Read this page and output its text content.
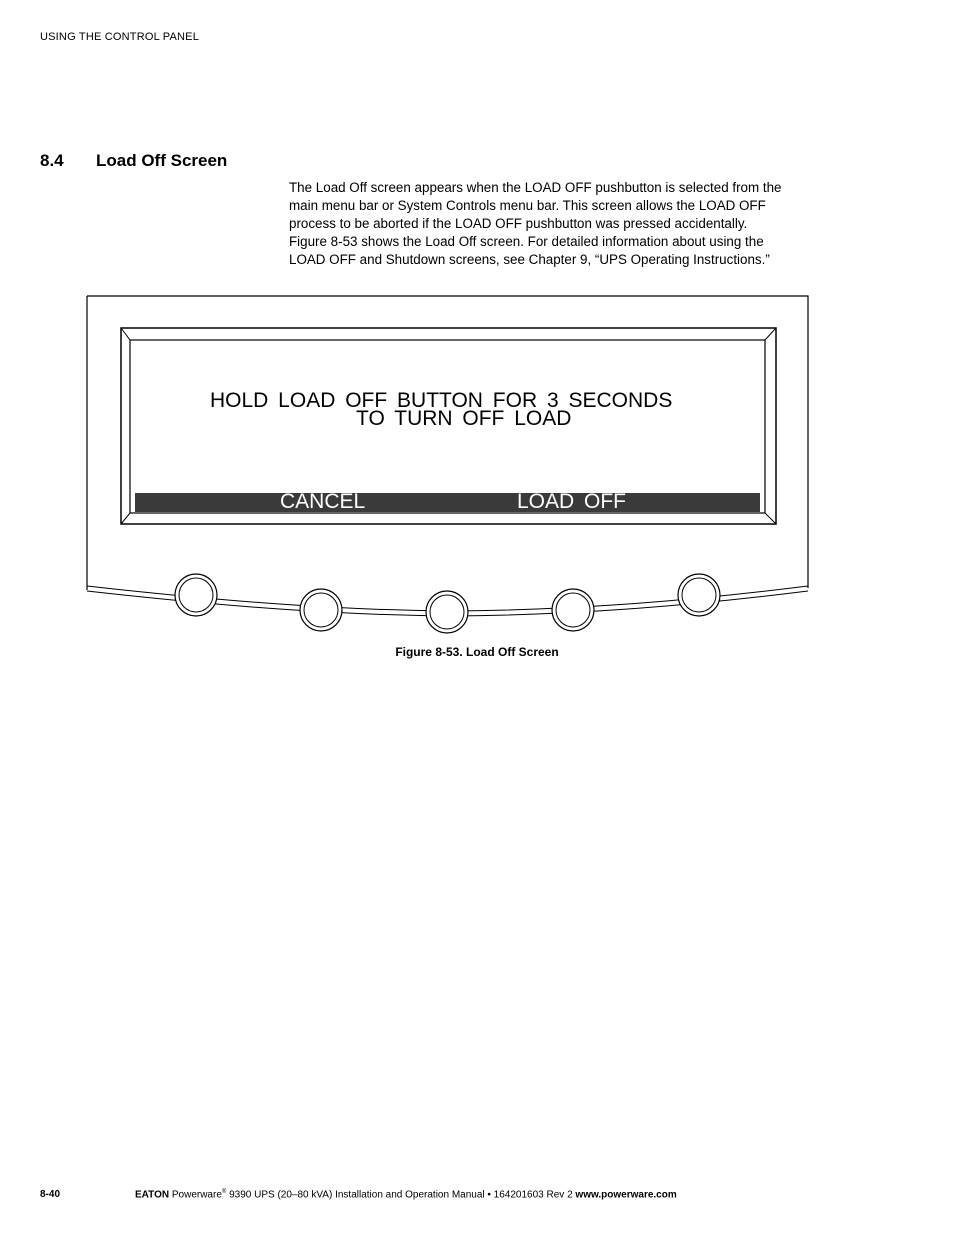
USING THE CONTROL PANEL
8.4 Load Off Screen
The Load Off screen appears when the LOAD OFF pushbutton is selected from the
main menu bar or System Controls menu bar. This screen allows the LOAD OFF
process to be aborted if the LOAD OFF pushbutton was pressed accidentally.
Figure 8-53 shows the Load Off screen. For detailed information about using the
LOAD OFF and Shutdown screens, see Chapter 9, “UPS Operating Instructions.”
HOLD LOAD OFF BUTTON FOR 3 SECONDS
TO TURN OFF LOAD
CANCEL	LOAD OFF
Figure 8-53. Load Off Screen
8-40	EATON Powerware® 9390 UPS (20–80 kVA) Installation and Operation Manual • 164201603 Rev 2 www.powerware.com
